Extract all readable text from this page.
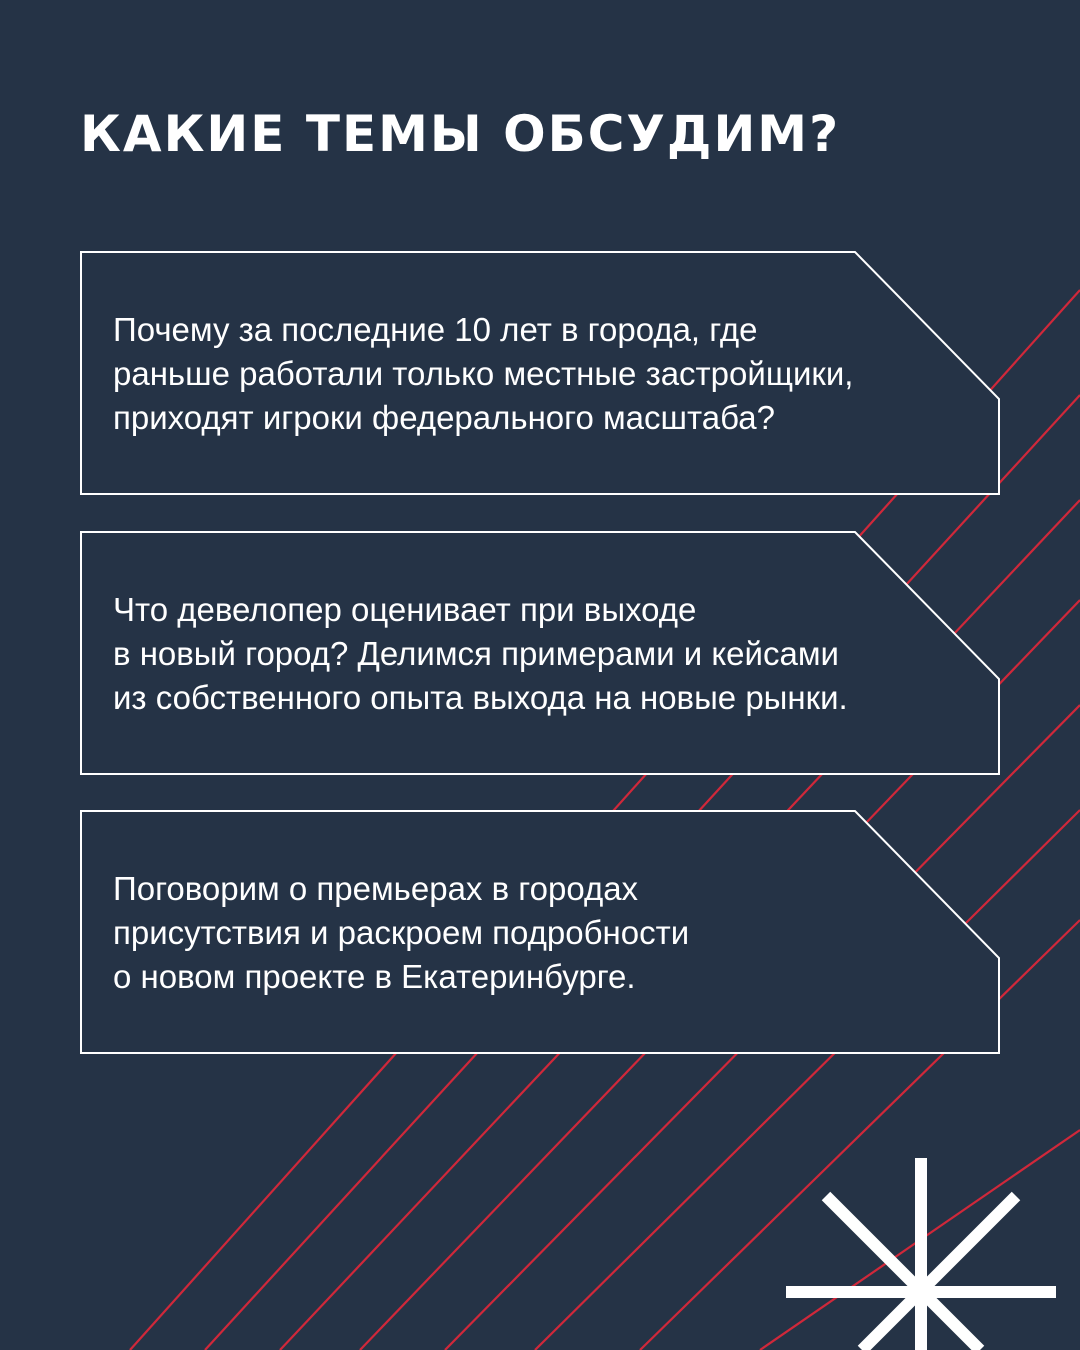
КАКИЕ ТЕМЫ ОБСУДИМ?

Почему за последние 10 лет в города, где
раньше работали только местные застройщики,
приходят игроки федерального масштаба?

Что девелопер оценивает при выходе
в новый город? Делимся примерами и кейсами
из собственного опыта выхода на новые рынки.

Поговорим о премьерах в городах
присутствия и раскроем подробности
о новом проекте в Екатеринбурге.
